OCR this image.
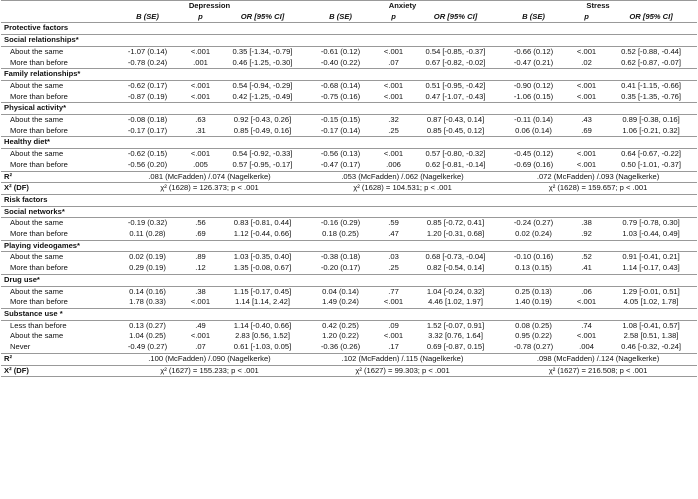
	Depression			Anxiety			Stress		
	B (SE)	p	OR [95% CI]	B (SE)	p	OR [95% CI]	B (SE)	p	OR [95% CI]
Protective factors									
Social relationships*									
About the same	-1.07 (0.14)	<.001	0.35 [-1.34, -0.79]	-0.61 (0.12)	<.001	0.54 [-0.85, -0.37]	-0.66 (0.12)	<.001	0.52 [-0.88, -0.44]
More than before	-0.78 (0.24)	.001	0.46 [-1.25, -0.30]	-0.40 (0.22)	.07	0.67 [-0.82, -0.02]	-0.47 (0.21)	.02	0.62 [-0.87, -0.07]
Family relationships*									
About the same	-0.62 (0.17)	<.001	0.54 [-0.94, -0.29]	-0.68 (0.14)	<.001	0.51 [-0.95, -0.42]	-0.90 (0.12)	<.001	0.41 [-1.15, -0.66]
More than before	-0.87 (0.19)	<.001	0.42 [-1.25, -0.49]	-0.75 (0.16)	<.001	0.47 [-1.07, -0.43]	-1.06 (0.15)	<.001	0.35 [-1.35, -0.76]
Physical activity*									
About the same	-0.08 (0.18)	.63	0.92 [-0.43, 0.26]	-0.15 (0.15)	.32	0.87 [-0.43, 0.14]	-0.11 (0.14)	.43	0.89 [-0.38, 0.16]
More than before	-0.17 (0.17)	.31	0.85 [-0.49, 0.16]	-0.17 (0.14)	.25	0.85 [-0.45, 0.12]	0.06 (0.14)	.69	1.06 [-0.21, 0.32]
Healthy diet*									
About the same	-0.62 (0.15)	<.001	0.54 [-0.92, -0.33]	-0.56 (0.13)	<.001	0.57 [-0.80, -0.32]	-0.45 (0.12)	<.001	0.64 [-0.67, -0.22]
More than before	-0.56 (0.20)	.005	0.57 [-0.95, -0.17]	-0.47 (0.17)	.006	0.62 [-0.81, -0.14]	-0.69 (0.16)	<.001	0.50 [-1.01, -0.37]
R²	.081 (McFadden) /.074 (Nagelkerke)			.053 (McFadden) /.062 (Nagelkerke)			.072 (McFadden) /.093 (Nagelkerke)		
X² (DF)	χ² (1628) = 126.373; p < .001			χ² (1628) = 104.531; p < .001			χ² (1628) = 159.657; p < .001		
Risk factors									
Social networks*									
About the same	-0.19 (0.32)	.56	0.83 [-0.81, 0.44]	-0.16 (0.29)	.59	0.85 [-0.72, 0.41]	-0.24 (0.27)	.38	0.79 [-0.78, 0.30]
More than before	0.11 (0.28)	.69	1.12 [-0.44, 0.66]	0.18 (0.25)	.47	1.20 [-0.31, 0.68]	0.02 (0.24)	.92	1.03 [-0.44, 0.49]
Playing videogames*									
About the same	0.02 (0.19)	.89	1.03 [-0.35, 0.40]	-0.38 (0.18)	.03	0.68 [-0.73, -0.04]	-0.10 (0.16)	.52	0.91 [-0.41, 0.21]
More than before	0.29 (0.19)	.12	1.35 [-0.08, 0.67]	-0.20 (0.17)	.25	0.82 [-0.54, 0.14]	0.13 (0.15)	.41	1.14 [-0.17, 0.43]
Drug use*									
About the same	0.14 (0.16)	.38	1.15 [-0.17, 0.45]	0.04 (0.14)	.77	1.04 [-0.24, 0.32]	0.25 (0.13)	.06	1.29 [-0.01, 0.51]
More than before	1.78 (0.33)	<.001	1.14 [1.14, 2.42]	1.49 (0.24)	<.001	4.46 [1.02, 1.97]	1.40 (0.19)	<.001	4.05 [1.02, 1.78]
Substance use *									
Less than before	0.13 (0.27)	.49	1.14 [-0.40, 0.66]	0.42 (0.25)	.09	1.52 [-0.07, 0.91]	0.08 (0.25)	.74	1.08 [-0.41, 0.57]
About the same	1.04 (0.25)	<.001	2.83 [0.56, 1.52]	1.20 (0.22)	<.001	3.32 [0.76, 1.64]	0.95 (0.22)	<.001	2.58 [0.51, 1.38]
Never	-0.49 (0.27)	.07	0.61 [-1.03, 0.05]	-0.36 (0.26)	.17	0.69 [-0.87, 0.15]	-0.78 (0.27)	.004	0.46 [-0.32, -0.24]
R²	.100 (McFadden) /.090 (Nagelkerke)			.102 (McFadden) /.115 (Nagelkerke)			.098 (McFadden) /.124 (Nagelkerke)		
X² (DF)	χ² (1627) = 155.233; p < .001			χ² (1627) = 99.303; p < .001			χ² (1627) = 216.508; p < .001		
